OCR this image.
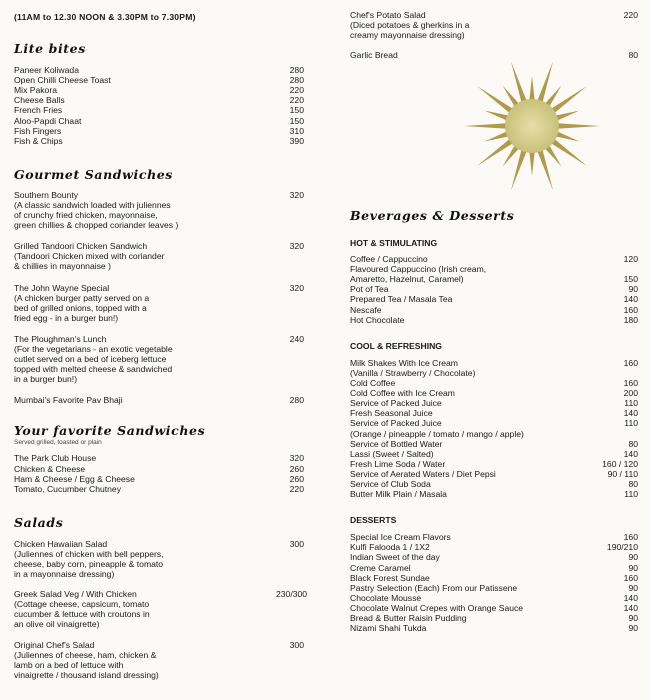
(11AM to 12.30 NOON & 3.30PM to 7.30PM)
Lite bites
Paneer Koliwada	280
Open Chilli Cheese Toast	280
Mix Pakora	220
Cheese Balls	220
French Fries	150
Aloo-Papdi Chaat	150
Fish Fingers	310
Fish & Chips	390
Gourmet Sandwiches
Southern Bounty	320
(A classic sandwich loaded with juliennes
of crunchy fried chicken, mayonnaise,
green chillies & chopped coriander leaves )
Grilled Tandoori Chicken Sandwich	320
(Tandoori Chicken mixed with coriander
& chillies in mayonnaise )
The John Wayne Special	320
(A chicken burger patty served on a
bed of grilled onions, topped with a
fried egg - in a burger bun!)
The Ploughman's Lunch	240
(For the vegetarians - an exotic vegetable
cutlet served on a bed of iceberg lettuce
topped with melted cheese & sandwiched
in a burger bun!)
Mumbai's Favorite Pav Bhaji	280
Your favorite Sandwiches
Served grilled, toasted or plain
The Park Club House	320
Chicken & Cheese	260
Ham & Cheese / Egg & Cheese	260
Tomato, Cucumber Chutney	220
Salads
Chicken Hawaiian Salad	300
(Juliennes of chicken with bell peppers,
cheese, baby corn, pineapple & tomato
in a mayonnaise dressing)
Greek Salad Veg / With Chicken	230/300
(Cottage cheese, capsicum, tomato
cucumber & lettuce with croutons in
an olive oil vinaigrette)
Original Chef's Salad	300
(Juliennes of cheese, ham, chicken &
lamb on a bed of lettuce with
vinaigrette / thousand island dressing)
Chef's Potato Salad	220
(Diced potatoes & gherkins in a
creamy mayonnaise dressing)
Garlic Bread	80
Beverages & Desserts
HOT & STIMULATING
Coffee / Cappuccino	120
Flavoured Cappuccino (Irish cream,
Amaretto, Hazelnut, Caramel)	150
Pot of Tea	90
Prepared Tea / Masala Tea	140
Nescafe	160
Hot Chocolate	180
COOL & REFRESHING
Milk Shakes With Ice Cream	160
(Vanilla / Strawberry / Chocolate)
Cold Coffee	160
Cold Coffee with Ice Cream	200
Service of Packed Juice	110
Fresh Seasonal Juice	140
Service of Packed Juice	110
(Orange / pineapple / tomato / mango / apple)
Service of Bottled Water	80
Lassi (Sweet / Salted)	140
Fresh Lime Soda / Water	160 / 120
Service of Aerated Waters / Diet Pepsi	90 / 110
Service of Club Soda	80
Butter Milk Plain / Masala	110
DESSERTS
Special Ice Cream Flavors	160
Kulfi Falooda 1 / 1X2	190/210
Indian Sweet of the day	90
Creme Caramel	90
Black Forest Sundae	160
Pastry Selection (Each) From our Patissene	90
Chocolate Mousse	140
Chocolate Walnut Crepes with Orange Sauce	140
Bread & Butter Raisin Pudding	90
Nizami Shahi Tukda	90
